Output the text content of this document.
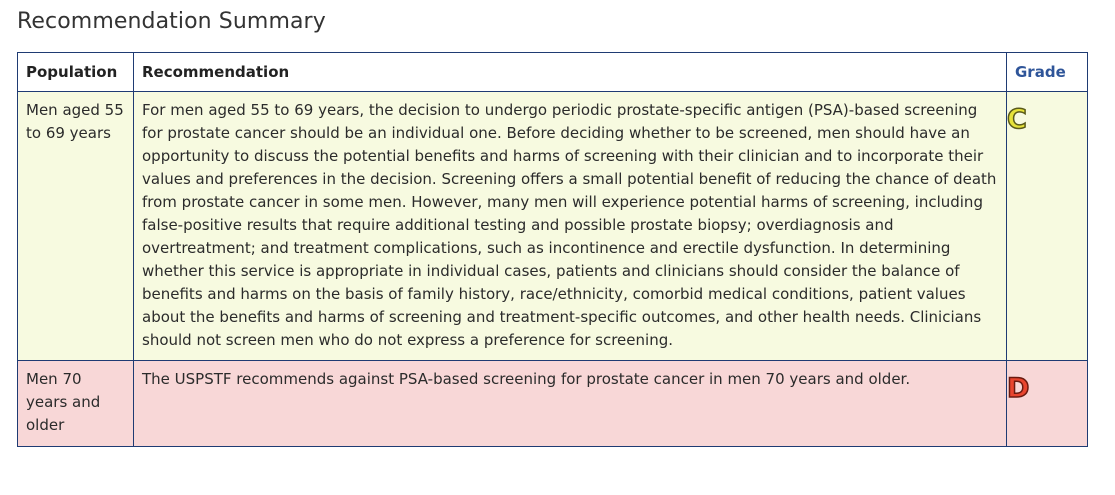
Recommendation Summary
Population	Recommendation	Grade
Men aged 55 to 69 years	For men aged 55 to 69 years, the decision to undergo periodic prostate-specific antigen (PSA)-based screening for prostate cancer should be an individual one. Before deciding whether to be screened, men should have an opportunity to discuss the potential benefits and harms of screening with their clinician and to incorporate their values and preferences in the decision. Screening offers a small potential benefit of reducing the chance of death from prostate cancer in some men. However, many men will experience potential harms of screening, including false-positive results that require additional testing and possible prostate biopsy; overdiagnosis and overtreatment; and treatment complications, such as incontinence and erectile dysfunction. In determining whether this service is appropriate in individual cases, patients and clinicians should consider the balance of benefits and harms on the basis of family history, race/ethnicity, comorbid medical conditions, patient values about the benefits and harms of screening and treatment-specific outcomes, and other health needs. Clinicians should not screen men who do not express a preference for screening.	C
Men 70 years and older	The USPSTF recommends against PSA-based screening for prostate cancer in men 70 years and older.	D
